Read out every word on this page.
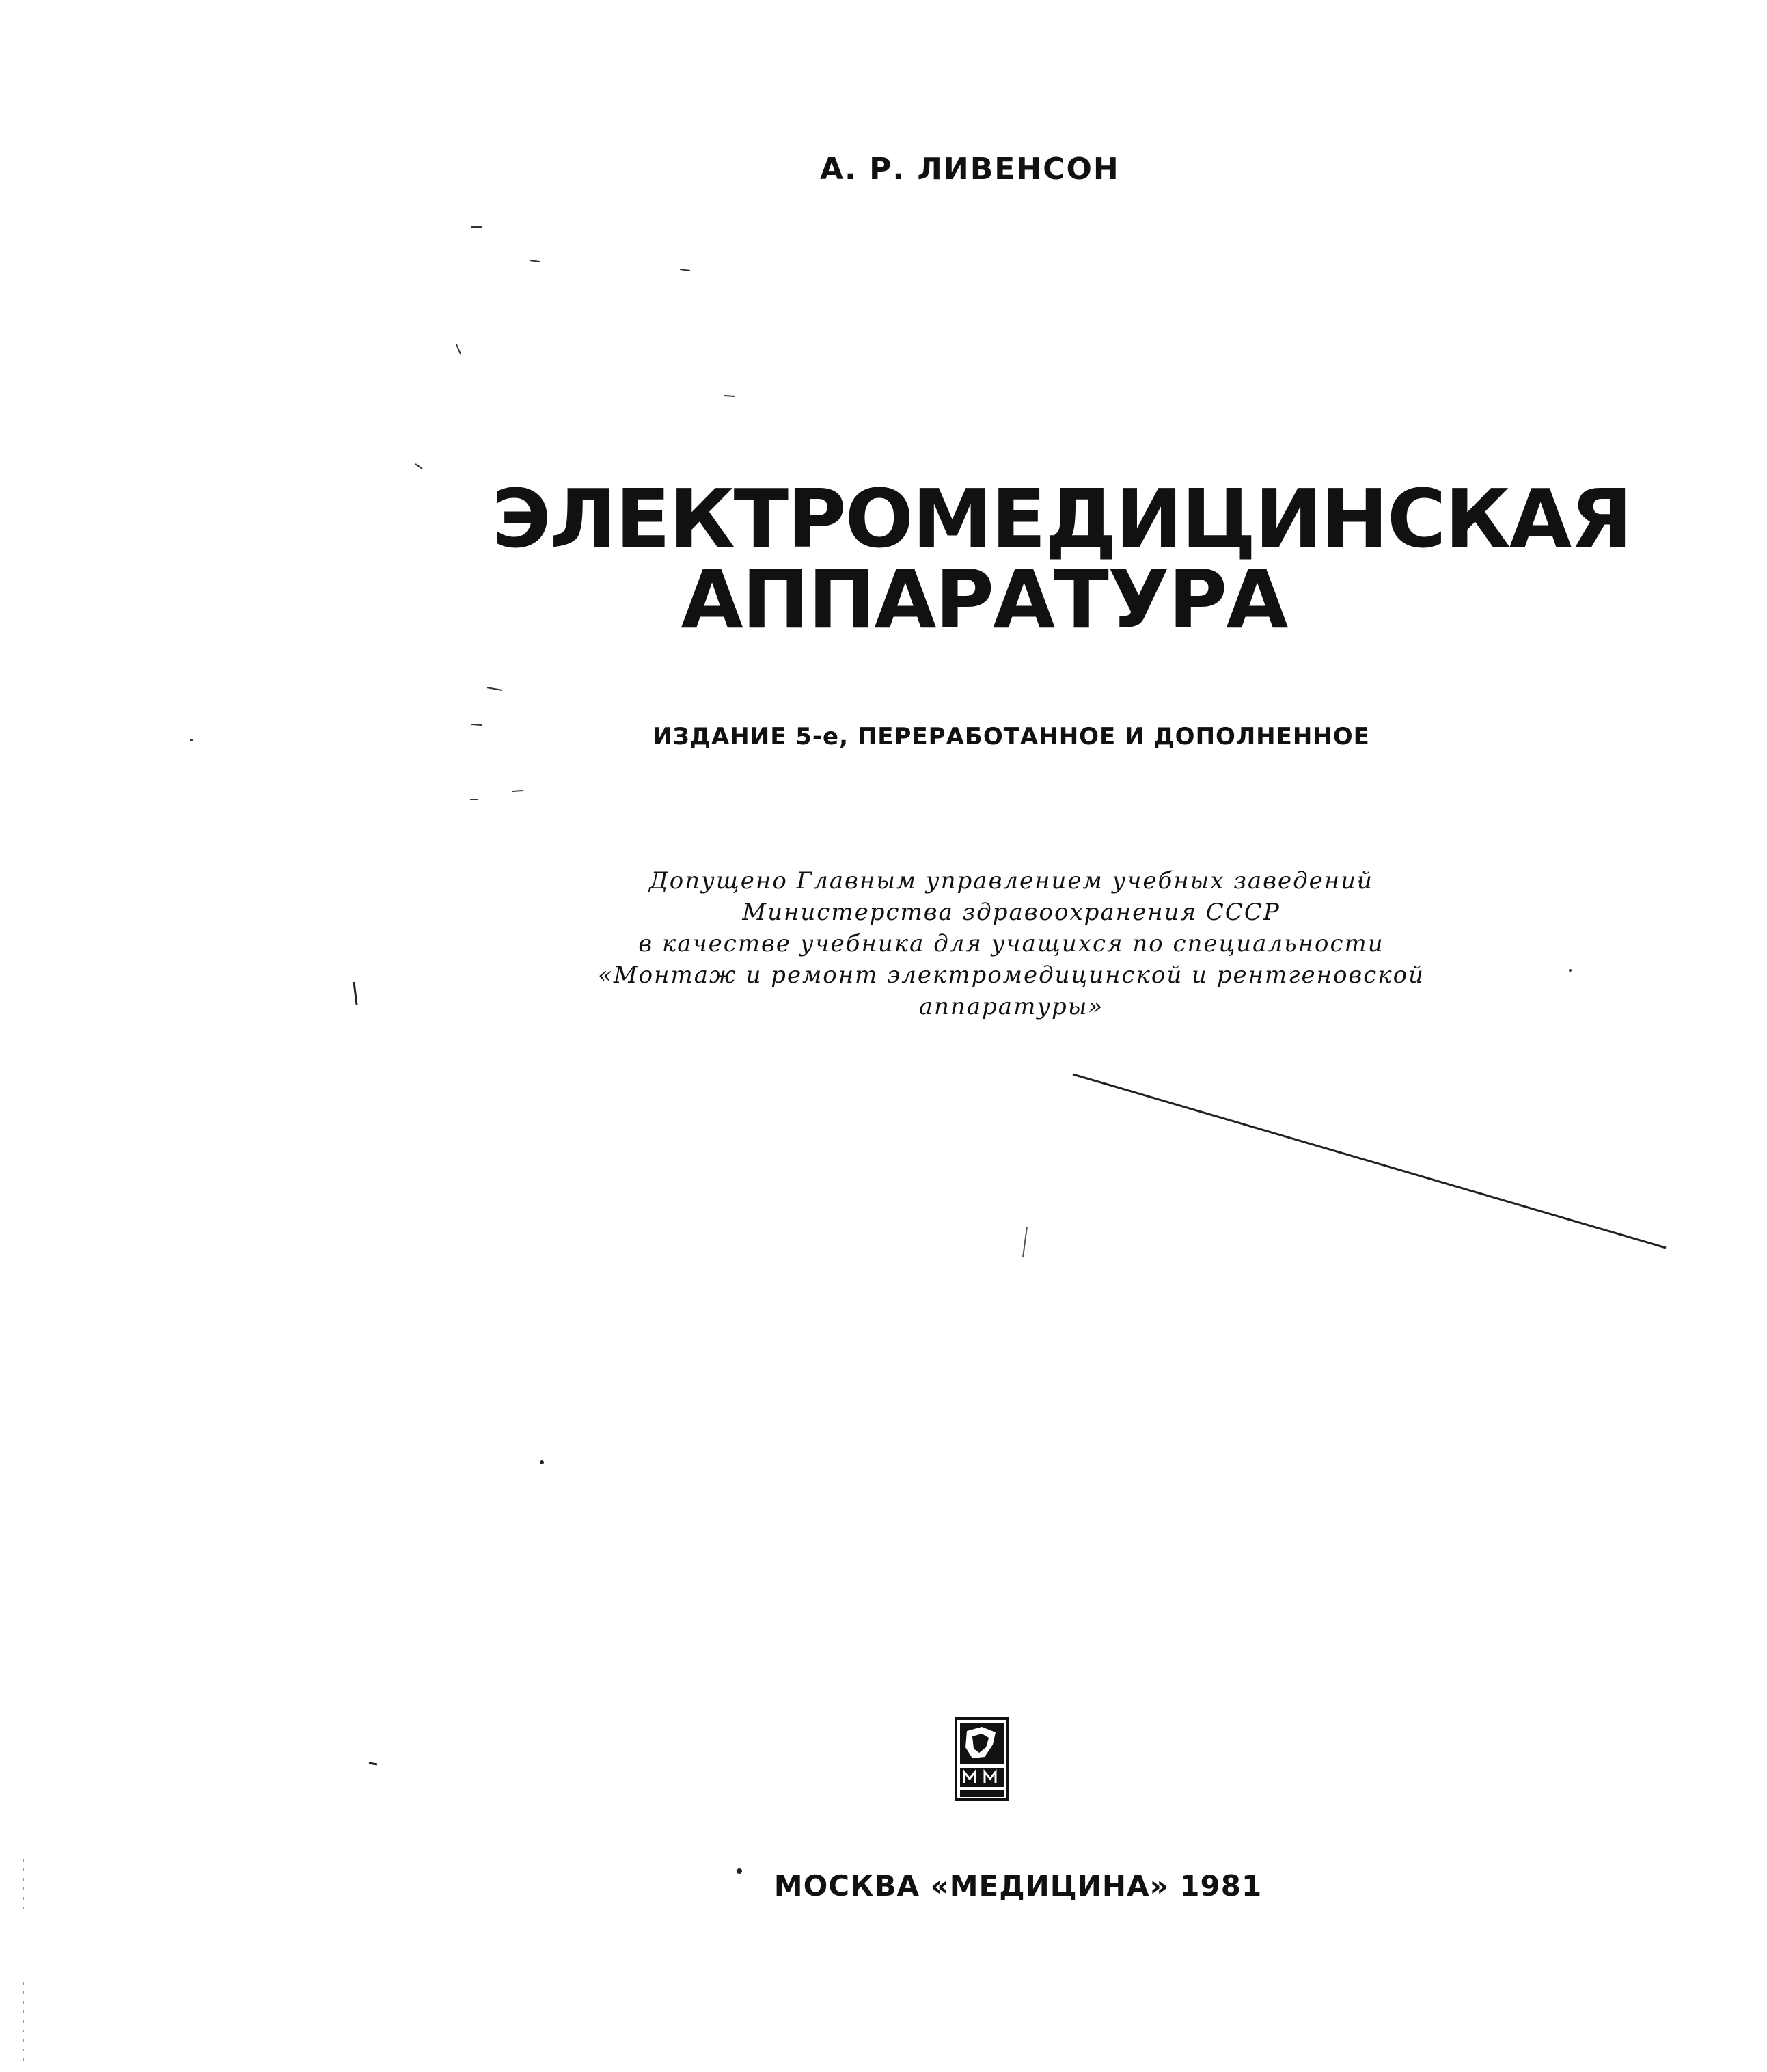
А. Р. ЛИВЕНСОН
ЭЛЕКТРОМЕДИЦИНСКАЯ
АППАРАТУРА
ИЗДАНИЕ 5-е, ПЕРЕРАБОТАННОЕ И ДОПОЛНЕННОЕ
Допущено Главным управлением учебных заведений
Министерства здравоохранения СССР
в качестве учебника для учащихся по специальности
«Монтаж и ремонт электромедицинской и рентгеновской
аппаратуры»
МОСКВА «МЕДИЦИНА» 1981
